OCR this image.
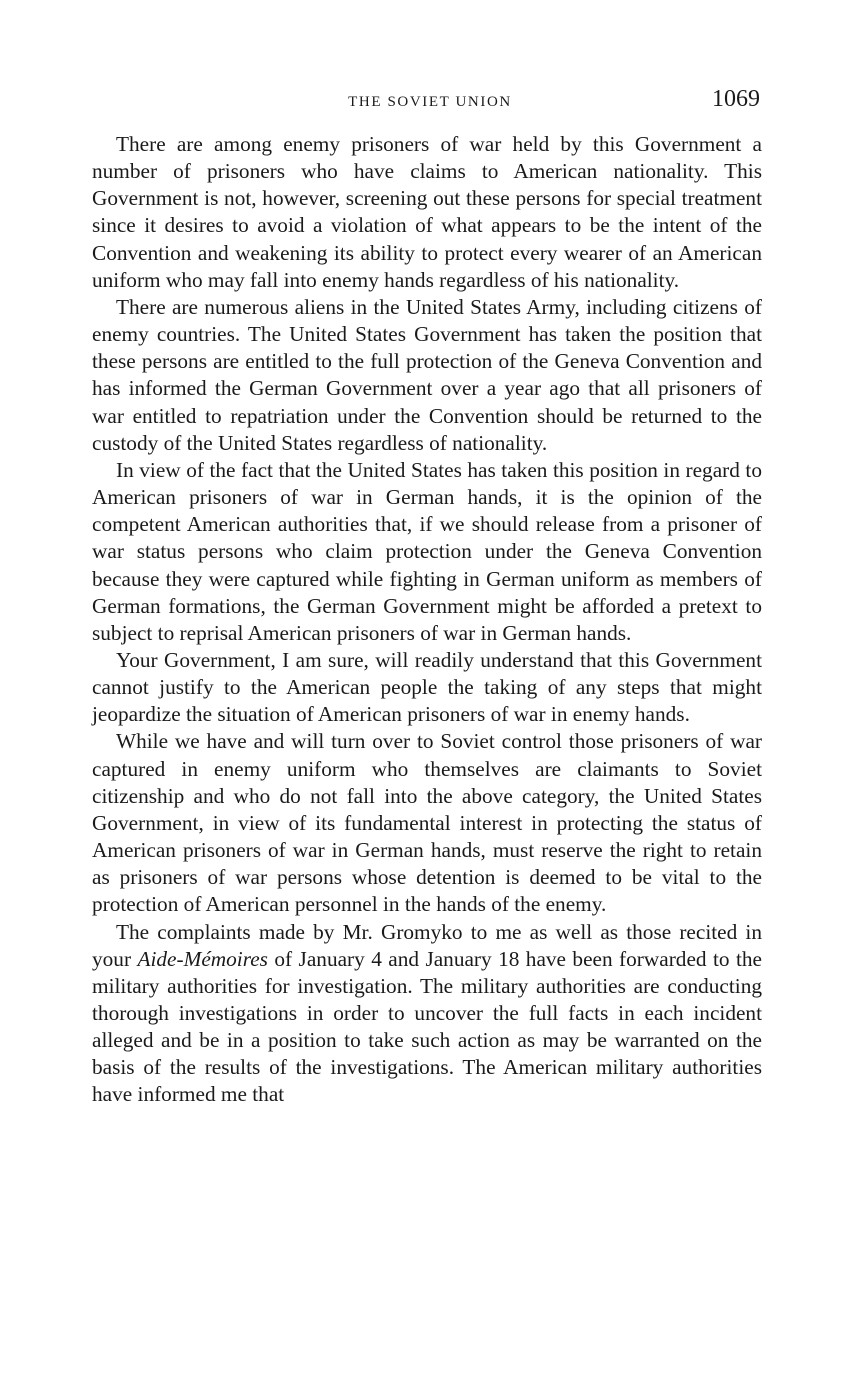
THE SOVIET UNION	1069

There are among enemy prisoners of war held by this Government a number of prisoners who have claims to American nationality. This Government is not, however, screening out these persons for special treatment since it desires to avoid a violation of what appears to be the intent of the Convention and weakening its ability to protect every wearer of an American uniform who may fall into enemy hands regardless of his nationality.

There are numerous aliens in the United States Army, including citizens of enemy countries. The United States Government has taken the position that these persons are entitled to the full protection of the Geneva Convention and has informed the German Government over a year ago that all prisoners of war entitled to repatriation under the Convention should be returned to the custody of the United States regardless of nationality.

In view of the fact that the United States has taken this position in regard to American prisoners of war in German hands, it is the opinion of the competent American authorities that, if we should release from a prisoner of war status persons who claim protection under the Geneva Convention because they were captured while fighting in German uniform as members of German formations, the German Government might be afforded a pretext to subject to reprisal American prisoners of war in German hands.

Your Government, I am sure, will readily understand that this Government cannot justify to the American people the taking of any steps that might jeopardize the situation of American prisoners of war in enemy hands.

While we have and will turn over to Soviet control those prisoners of war captured in enemy uniform who themselves are claimants to Soviet citizenship and who do not fall into the above category, the United States Government, in view of its fundamental interest in protecting the status of American prisoners of war in German hands, must reserve the right to retain as prisoners of war persons whose detention is deemed to be vital to the protection of American personnel in the hands of the enemy.

The complaints made by Mr. Gromyko to me as well as those recited in your Aide-Mémoires of January 4 and January 18 have been forwarded to the military authorities for investigation. The military authorities are conducting thorough investigations in order to uncover the full facts in each incident alleged and be in a position to take such action as may be warranted on the basis of the results of the investigations. The American military authorities have informed me that
